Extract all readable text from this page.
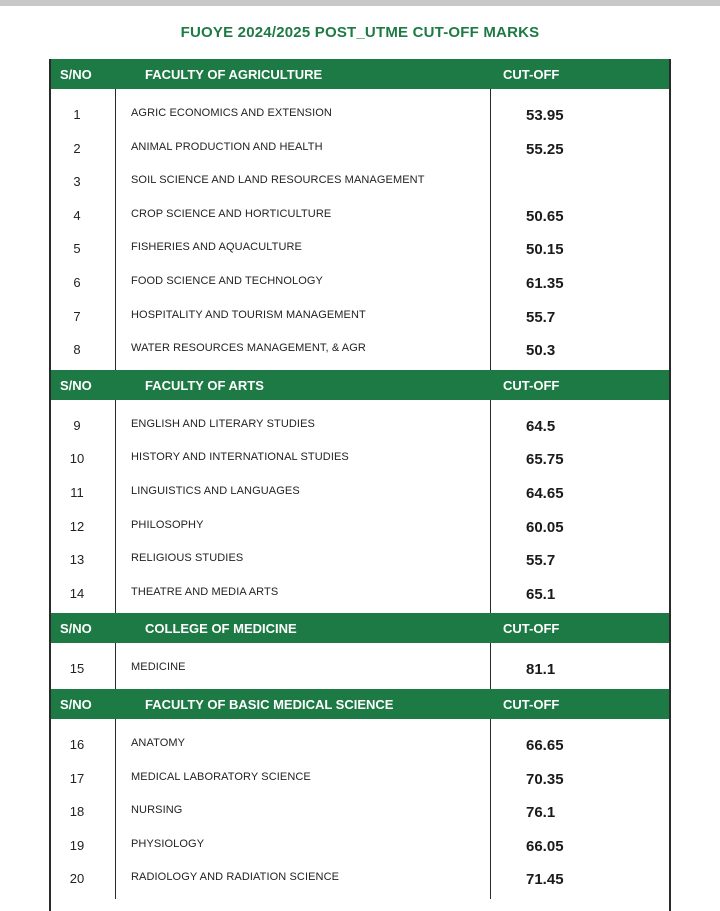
FUOYE 2024/2025 POST_UTME CUT-OFF MARKS
S/NO	FACULTY OF AGRICULTURE	CUT-OFF
1	AGRIC ECONOMICS AND EXTENSION	53.95
2	ANIMAL PRODUCTION AND HEALTH	55.25
3	SOIL SCIENCE AND LAND RESOURCES MANAGEMENT
4	CROP SCIENCE AND HORTICULTURE	50.65
5	FISHERIES AND AQUACULTURE	50.15
6	FOOD SCIENCE AND TECHNOLOGY	61.35
7	HOSPITALITY AND TOURISM MANAGEMENT	55.7
8	WATER RESOURCES MANAGEMENT, & AGR	50.3
S/NO	FACULTY OF ARTS	CUT-OFF
9	ENGLISH AND LITERARY STUDIES	64.5
10	HISTORY AND INTERNATIONAL STUDIES	65.75
11	LINGUISTICS AND LANGUAGES	64.65
12	PHILOSOPHY	60.05
13	RELIGIOUS STUDIES	55.7
14	THEATRE AND MEDIA ARTS	65.1
S/NO	COLLEGE OF MEDICINE	CUT-OFF
15	MEDICINE	81.1
S/NO	FACULTY OF BASIC MEDICAL SCIENCE	CUT-OFF
16	ANATOMY	66.65
17	MEDICAL LABORATORY SCIENCE	70.35
18	NURSING	76.1
19	PHYSIOLOGY	66.05
20	RADIOLOGY AND RADIATION SCIENCE	71.45
